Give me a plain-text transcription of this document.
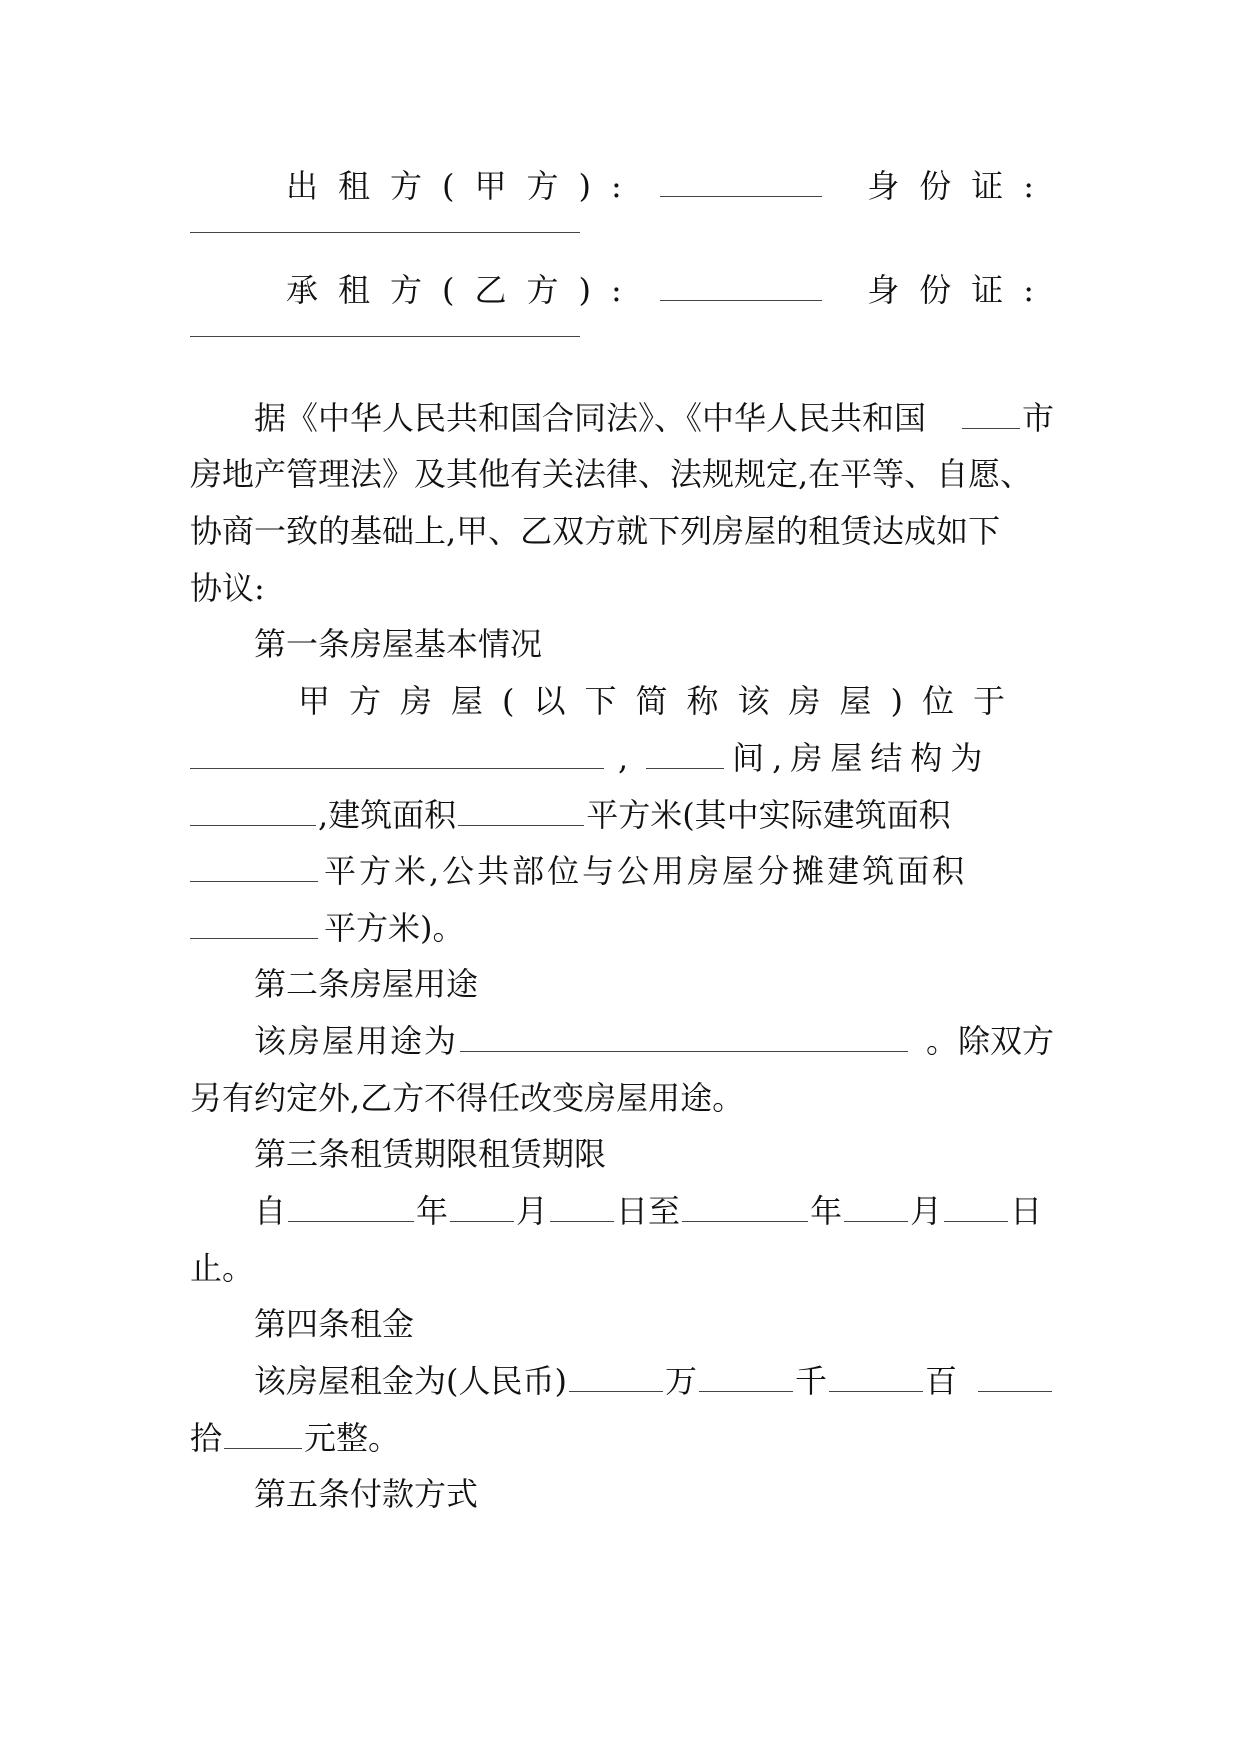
出租方(甲方):	身份证:
承租方(乙方):	身份证:
据《中华人民共和国合同法》、《中华人民共和国	市
房地产管理法》及其他有关法律、法规规定,在平等、自愿、
协商一致的基础上,甲、乙双方就下列房屋的租赁达成如下
协议:
第一条房屋基本情况
甲方房屋(以下简称该房屋)位于
,	间,房屋结构为
,建筑面积	平方米(其中实际建筑面积
平方米,公共部位与公用房屋分摊建筑面积
平方米)。
第二条房屋用途
该房屋用途为	。除双方
另有约定外,乙方不得任改变房屋用途。
第三条租赁期限租赁期限
自	年 月 日至	年 月 日
止。
第四条租金
该房屋租金为(人民币)	万	千	百
拾	元整。
第五条付款方式
